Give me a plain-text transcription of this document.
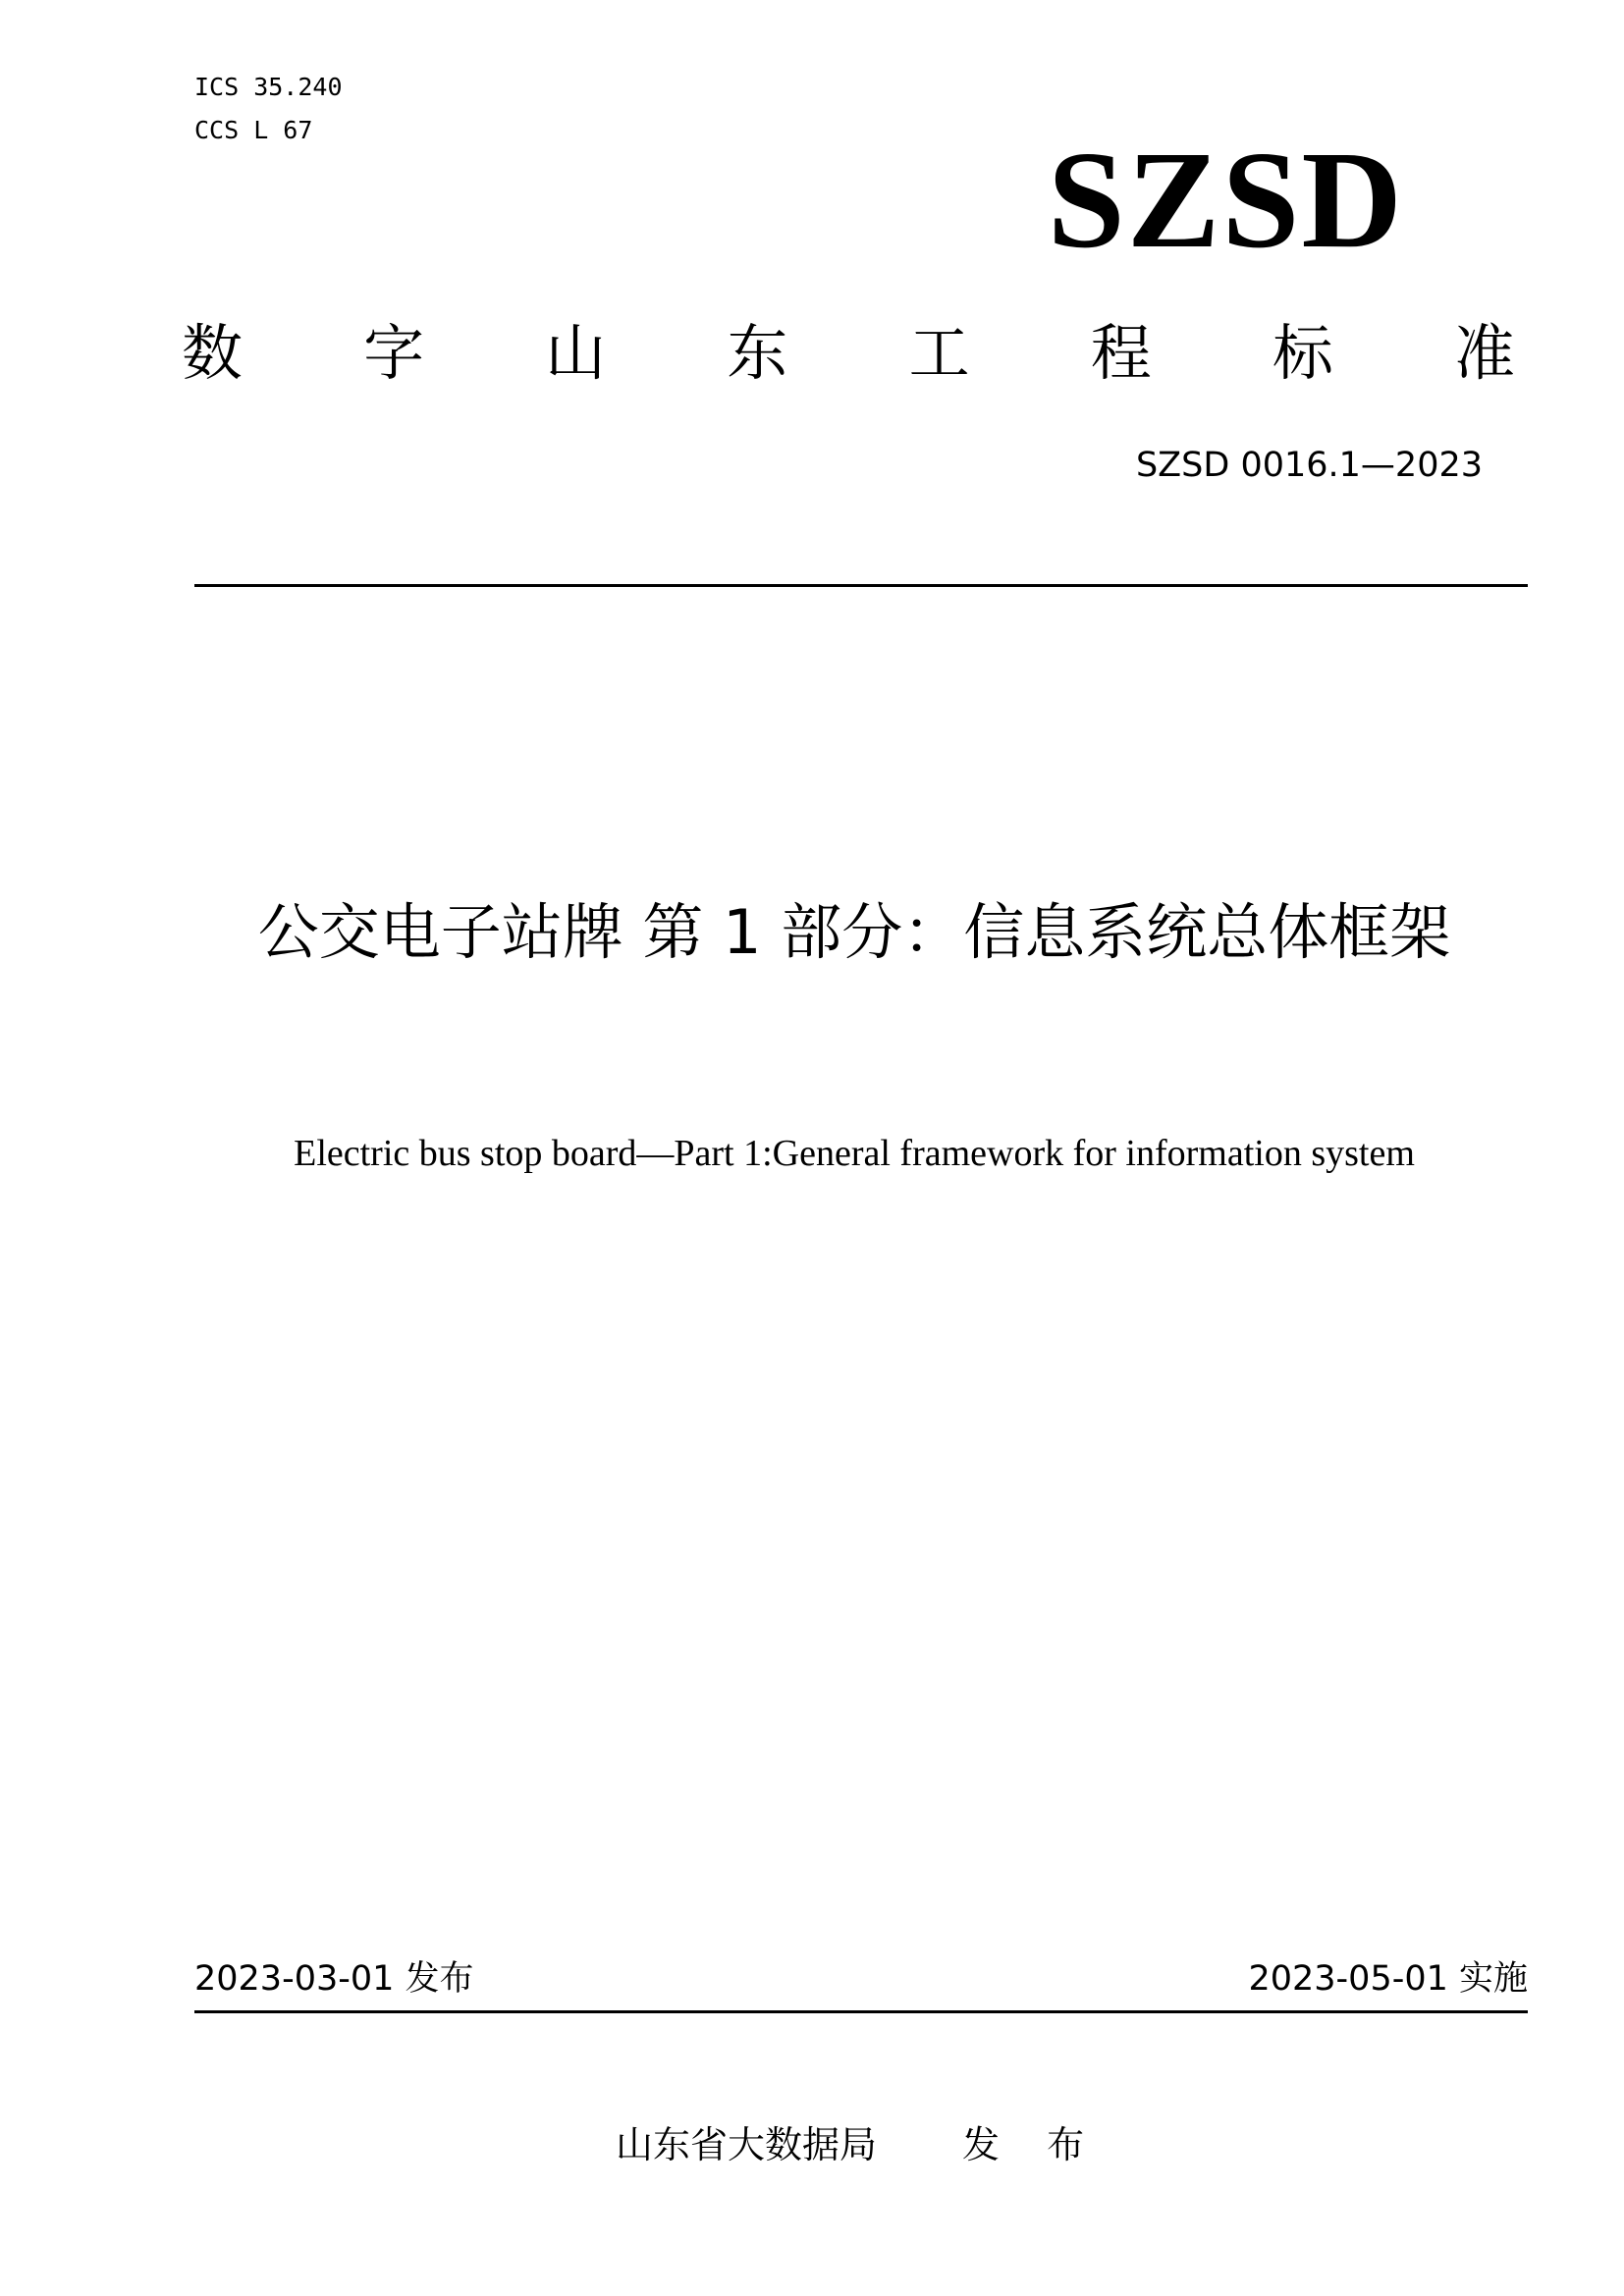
ICS 35.240
CCS L 67	SZSD
数 字 山 东 工 程 标 准
SZSD 0016.1—2023
公交电子站牌 第 1 部分：信息系统总体框架
Electric bus stop board—Part 1:General framework for information system
2023-03-01 发布	2023-05-01 实施
山东省大数据局 发 布
